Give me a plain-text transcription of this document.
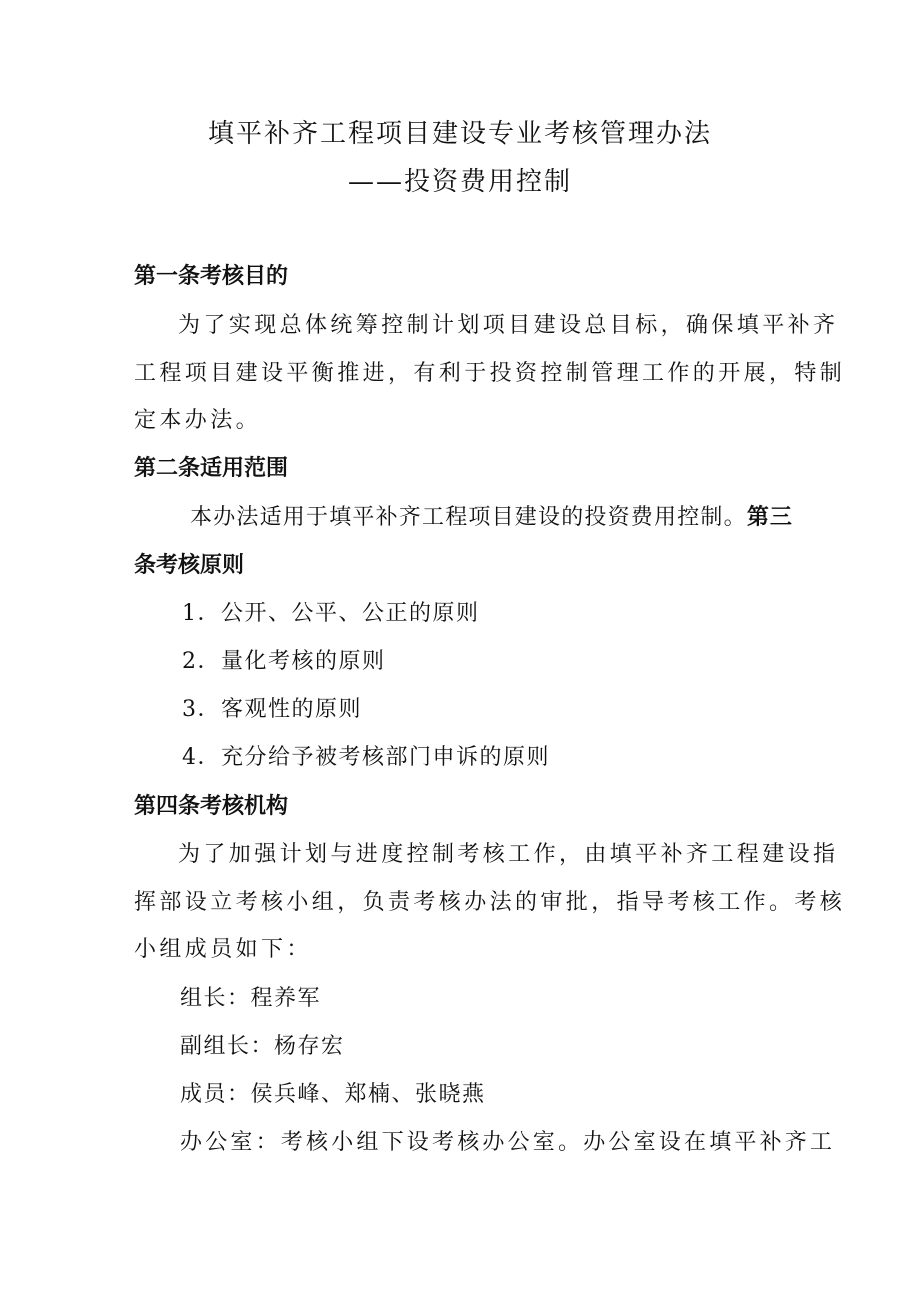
填平补齐工程项目建设专业考核管理办法
——投资费用控制
第一条考核目的
为了实现总体统筹控制计划项目建设总目标，确保填平补齐
工程项目建设平衡推进，有利于投资控制管理工作的开展，特制
定本办法。
第二条适用范围
本办法适用于填平补齐工程项目建设的投资费用控制。第三
条考核原则
1．公开、公平、公正的原则
2．量化考核的原则
3．客观性的原则
4．充分给予被考核部门申诉的原则
第四条考核机构
为了加强计划与进度控制考核工作，由填平补齐工程建设指
挥部设立考核小组，负责考核办法的审批，指导考核工作。考核
小组成员如下：
组长：程养军
副组长：杨存宏
成员：侯兵峰、郑楠、张晓燕
办公室：考核小组下设考核办公室。办公室设在填平补齐工
